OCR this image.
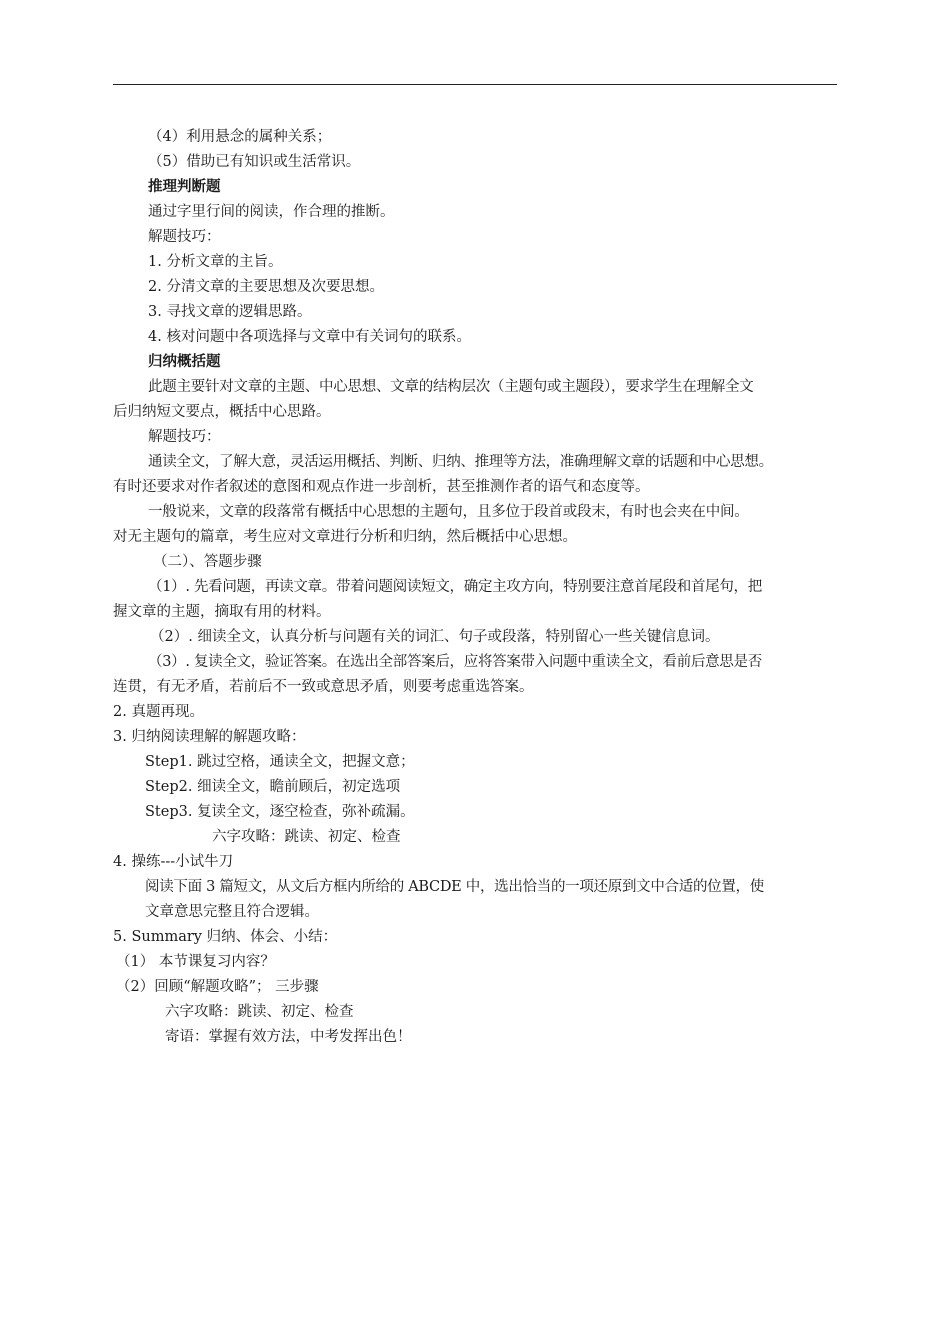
（4）利用悬念的属种关系；
（5）借助已有知识或生活常识。
推理判断题
通过字里行间的阅读，作合理的推断。
解题技巧：
1. 分析文章的主旨。
2. 分清文章的主要思想及次要思想。
3. 寻找文章的逻辑思路。
4. 核对问题中各项选择与文章中有关词句的联系。
归纳概括题
此题主要针对文章的主题、中心思想、文章的结构层次（主题句或主题段），要求学生在理解全文
后归纳短文要点，概括中心思路。
解题技巧：
通读全文，了解大意，灵活运用概括、判断、归纳、推理等方法，准确理解文章的话题和中心思想。
有时还要求对作者叙述的意图和观点作进一步剖析，甚至推测作者的语气和态度等。
一般说来，文章的段落常有概括中心思想的主题句，且多位于段首或段末，有时也会夹在中间。
对无主题句的篇章，考生应对文章进行分析和归纳，然后概括中心思想。
（二）、答题步骤
（1）. 先看问题，再读文章。带着问题阅读短文，确定主攻方向，特别要注意首尾段和首尾句，把
握文章的主题，摘取有用的材料。
（2）. 细读全文，认真分析与问题有关的词汇、句子或段落，特别留心一些关键信息词。
（3）. 复读全文，验证答案。在选出全部答案后，应将答案带入问题中重读全文，看前后意思是否
连贯，有无矛盾，若前后不一致或意思矛盾，则要考虑重选答案。
2. 真题再现。
3. 归纳阅读理解的解题攻略：
Step1. 跳过空格，通读全文，把握文意；
Step2. 细读全文，瞻前顾后，初定选项
Step3. 复读全文，逐空检查，弥补疏漏。
六字攻略：跳读、初定、检查
4. 操练---小试牛刀
阅读下面 3 篇短文，从文后方框内所给的 ABCDE 中，选出恰当的一项还原到文中合适的位置，使
文章意思完整且符合逻辑。
5. Summary 归纳、体会、小结：
（1） 本节课复习内容？
（2）回顾“解题攻略”； 三步骤
六字攻略：跳读、初定、检查
寄语：掌握有效方法，中考发挥出色！
